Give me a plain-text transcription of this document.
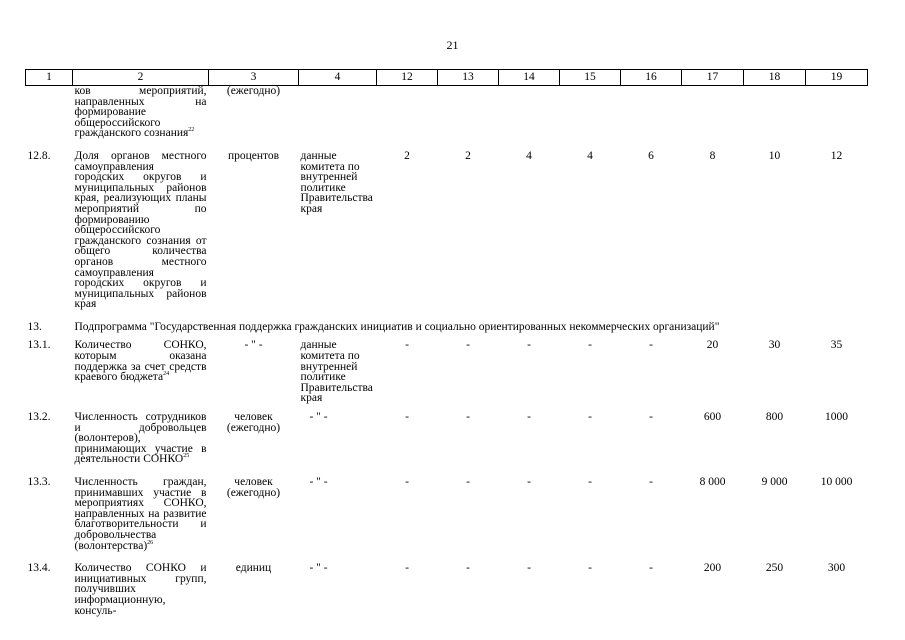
21
1	2	3	4	12	13	14	15	16	17	18	19
	ков мероприятий, направленных на формирование общероссийского гражданского сознания$^{22}$	(ежегодно)									
12.8.	Доля органов местного самоуправления городских округов и муниципальных районов края, реализующих планы мероприятий по формированию общероссийского гражданского сознания от общего количества органов местного самоуправления городских округов и муниципальных районов края	процентов	данные комитета по внутренней политике Правительства края	2	2	4	4	6	8	10	12
13.	Подпрограмма "Государственная поддержка гражданских инициатив и социально ориентированных некоммерческих организаций"										
13.1.	Количество СОНКО, которым оказана поддержка за счет средств краевого бюджета$^{24}$	- " -	данные комитета по внутренней политике Правительства края	-	-	-	-	-	20	30	35
13.2.	Численность сотрудников и добровольцев (волонтеров), принимающих участие в деятельности СОНКО$^{25}$	человек (ежегодно)	- " -	-	-	-	-	-	600	800	1000
13.3.	Численность граждан, принимавших участие в мероприятиях СОНКО, направленных на развитие благотворительности и добровольчества (волонтерства)$^{26}$	человек (ежегодно)	- " -	-	-	-	-	-	8 000	9 000	10 000
13.4.	Количество СОНКО и инициативных групп, получивших информационную, консуль-	единиц	- " -	-	-	-	-	-	200	250	300
